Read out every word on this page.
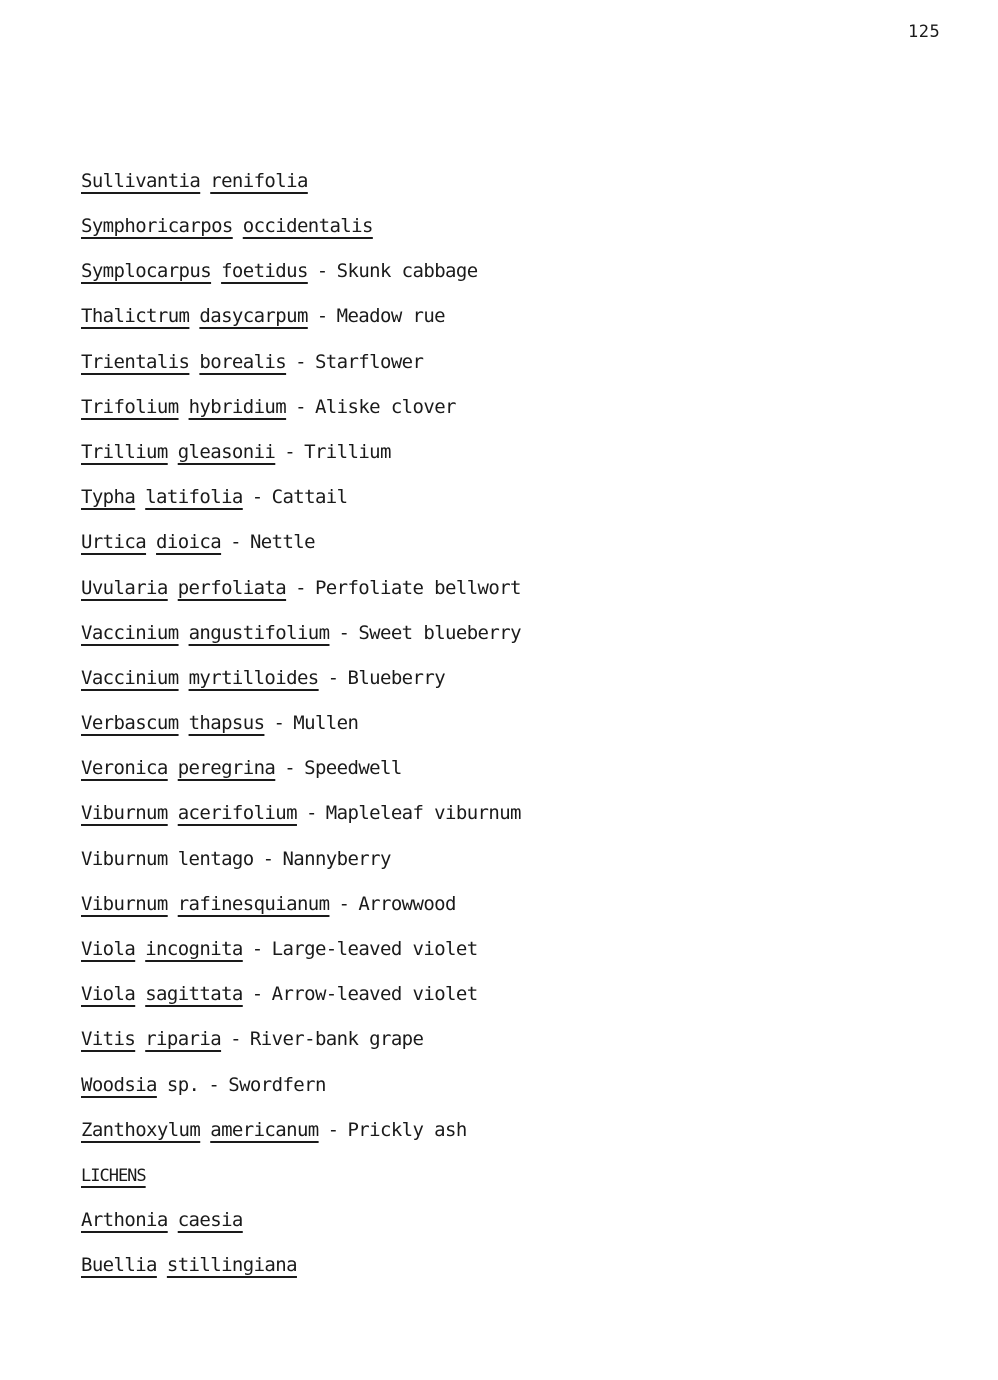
125
Sullivantia renifolia
Symphoricarpos occidentalis
Symplocarpus foetidus - Skunk cabbage
Thalictrum dasycarpum - Meadow rue
Trientalis borealis - Starflower
Trifolium hybridium - Aliske clover
Trillium gleasonii - Trillium
Typha latifolia - Cattail
Urtica dioica - Nettle
Uvularia perfoliata - Perfoliate bellwort
Vaccinium angustifolium - Sweet blueberry
Vaccinium myrtilloides - Blueberry
Verbascum thapsus - Mullen
Veronica peregrina - Speedwell
Viburnum acerifolium - Mapleleaf viburnum
Viburnum lentago - Nannyberry
Viburnum rafinesquianum - Arrowwood
Viola incognita - Large-leaved violet
Viola sagittata - Arrow-leaved violet
Vitis riparia - River-bank grape
Woodsia sp. - Swordfern
Zanthoxylum americanum - Prickly ash
LICHENS
Arthonia caesia
Buellia stillingiana
